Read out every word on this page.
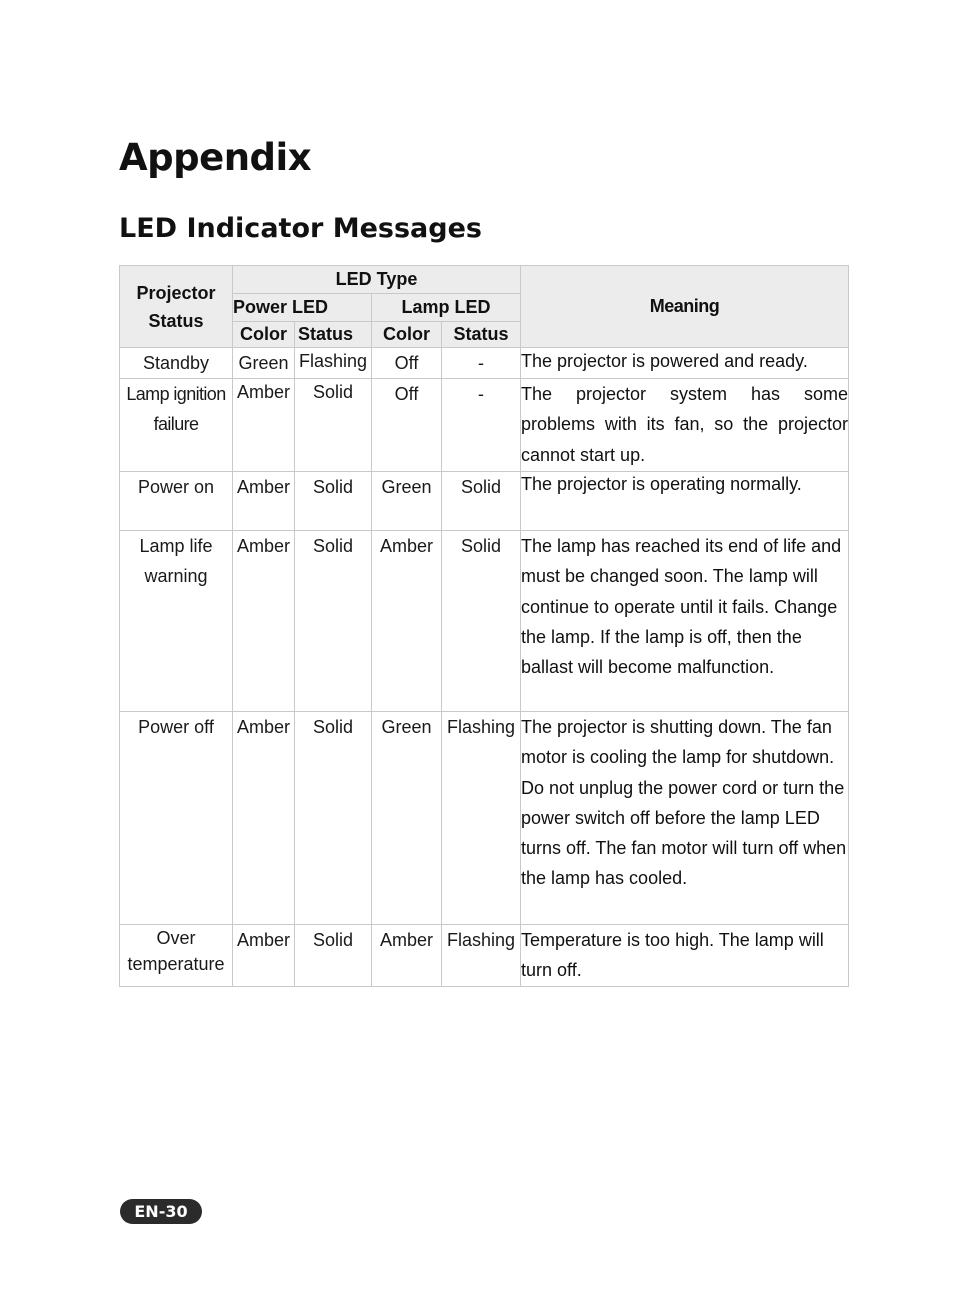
Appendix
LED Indicator Messages
Projector Status	LED Type				Meaning
	Power LED		Lamp LED		
	Color	Status	Color	Status	
Standby	Green	Flashing	Off	-	The projector is powered and ready.
Lamp ignition failure	Amber	Solid	Off	-	The projector system has some problems with its fan, so the projector cannot start up.
Power on	Amber	Solid	Green	Solid	The projector is operating normally.
Lamp life warning	Amber	Solid	Amber	Solid	The lamp has reached its end of life and must be changed soon. The lamp will continue to operate until it fails. Change the lamp. If the lamp is off, then the ballast will become malfunction.
Power off	Amber	Solid	Green	Flashing	The projector is shutting down. The fan motor is cooling the lamp for shutdown. Do not unplug the power cord or turn the power switch off before the lamp LED turns off. The fan motor will turn off when the lamp has cooled.
Over temperature	Amber	Solid	Amber	Flashing	Temperature is too high. The lamp will turn off.
EN-30
